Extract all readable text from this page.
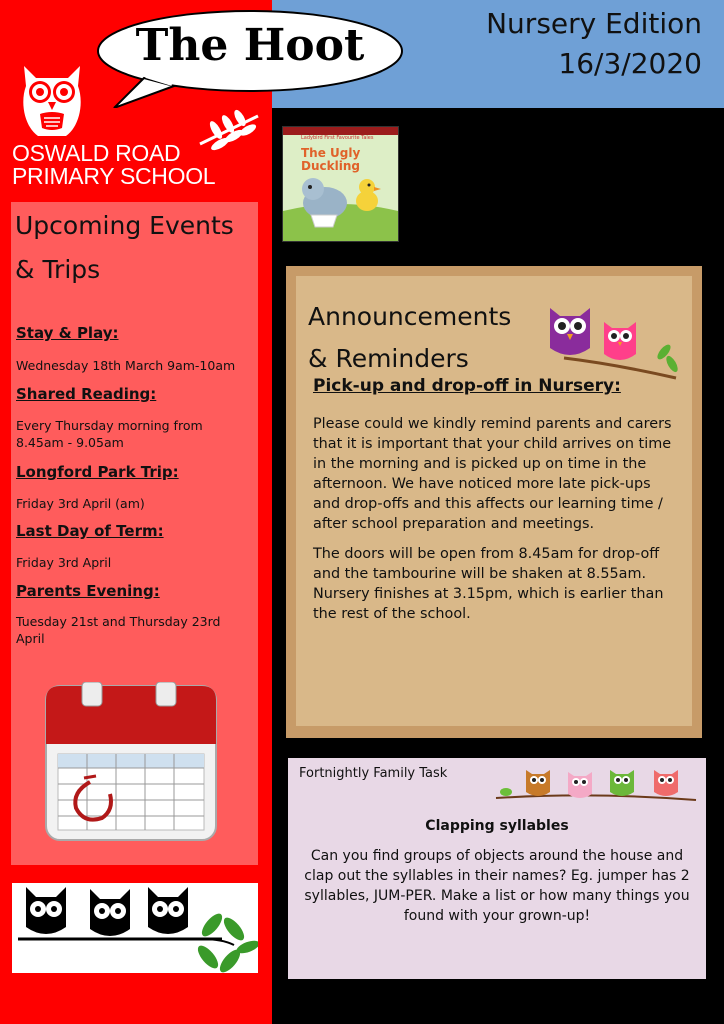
Nursery Edition
16/3/2020
The Hoot
OSWALD ROAD
PRIMARY SCHOOL
Upcoming Events
& Trips
Stay & Play:
Wednesday 18th March 9am-10am
Shared Reading:
Every Thursday morning from 8.45am - 9.05am
Longford Park Trip:
Friday 3rd April (am)
Last Day of Term:
Friday 3rd April
Parents Evening:
Tuesday 21st and Thursday 23rd April
Ladybird First Favourite Tales
The Ugly
Duckling
Announcements
& Reminders
Pick-up and drop-off in Nursery:
Please could we kindly remind parents and carers that it is important that your child arrives on time in the morning and is picked up on time in the afternoon. We have noticed more late pick-ups and drop-offs and this affects our learning time / after school preparation and meetings.
The doors will be open from 8.45am for drop-off and the tambourine will be shaken at 8.55am. Nursery finishes at 3.15pm, which is earlier than the rest of the school.
Fortnightly Family Task
Clapping syllables
Can you find groups of objects around the house and clap out the syllables in their names? Eg. jumper has 2 syllables, JUM-PER. Make a list or how many things you found with your grown-up!
